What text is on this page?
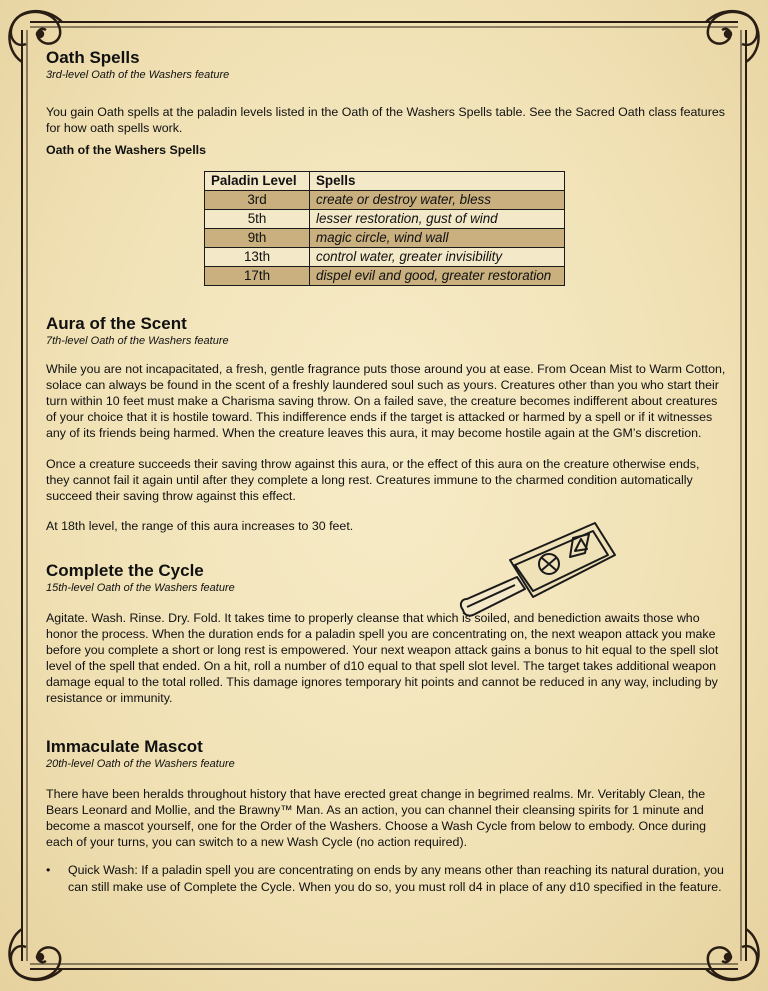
Oath Spells
3rd-level Oath of the Washers feature

You gain Oath spells at the paladin levels listed in the Oath of the Washers Spells table. See the Sacred Oath class features for how oath spells work.

Oath of the Washers Spells
Paladin Level	Spells
3rd	create or destroy water, bless
5th	lesser restoration, gust of wind
9th	magic circle, wind wall
13th	control water, greater invisibility
17th	dispel evil and good, greater restoration
Aura of the Scent
7th-level Oath of the Washers feature

While you are not incapacitated, a fresh, gentle fragrance puts those around you at ease. From Ocean Mist to Warm Cotton, solace can always be found in the scent of a freshly laundered soul such as yours. Creatures other than you who start their turn within 10 feet must make a Charisma saving throw. On a failed save, the creature becomes indifferent about creatures of your choice that it is hostile toward. This indifference ends if the target is attacked or harmed by a spell or if it witnesses any of its friends being harmed. When the creature leaves this aura, it may become hostile again at the GM’s discretion.

Once a creature succeeds their saving throw against this aura, or the effect of this aura on the creature otherwise ends, they cannot fail it again until after they complete a long rest. Creatures immune to the charmed condition automatically succeed their saving throw against this effect.

At 18th level, the range of this aura increases to 30 feet.

Complete the Cycle
15th-level Oath of the Washers feature

Agitate. Wash. Rinse. Dry. Fold. It takes time to properly cleanse that which is soiled, and benediction awaits those who honor the process. When the duration ends for a paladin spell you are concentrating on, the next weapon attack you make before you complete a short or long rest is empowered. Your next weapon attack gains a bonus to hit equal to the spell slot level of the spell that ended. On a hit, roll a number of d10 equal to that spell slot level. The target takes additional weapon damage equal to the total rolled. This damage ignores temporary hit points and cannot be reduced in any way, including by resistance or immunity.

Immaculate Mascot
20th-level Oath of the Washers feature

There have been heralds throughout history that have erected great change in begrimed realms. Mr. Veritably Clean, the Bears Leonard and Mollie, and the Brawny™ Man. As an action, you can channel their cleansing spirits for 1 minute and become a mascot yourself, one for the Order of the Washers. Choose a Wash Cycle from below to embody. Once during each of your turns, you can switch to a new Wash Cycle (no action required).

• Quick Wash: If a paladin spell you are concentrating on ends by any means other than reaching its natural duration, you can still make use of Complete the Cycle. When you do so, you must roll d4 in place of any d10 specified in the feature.
